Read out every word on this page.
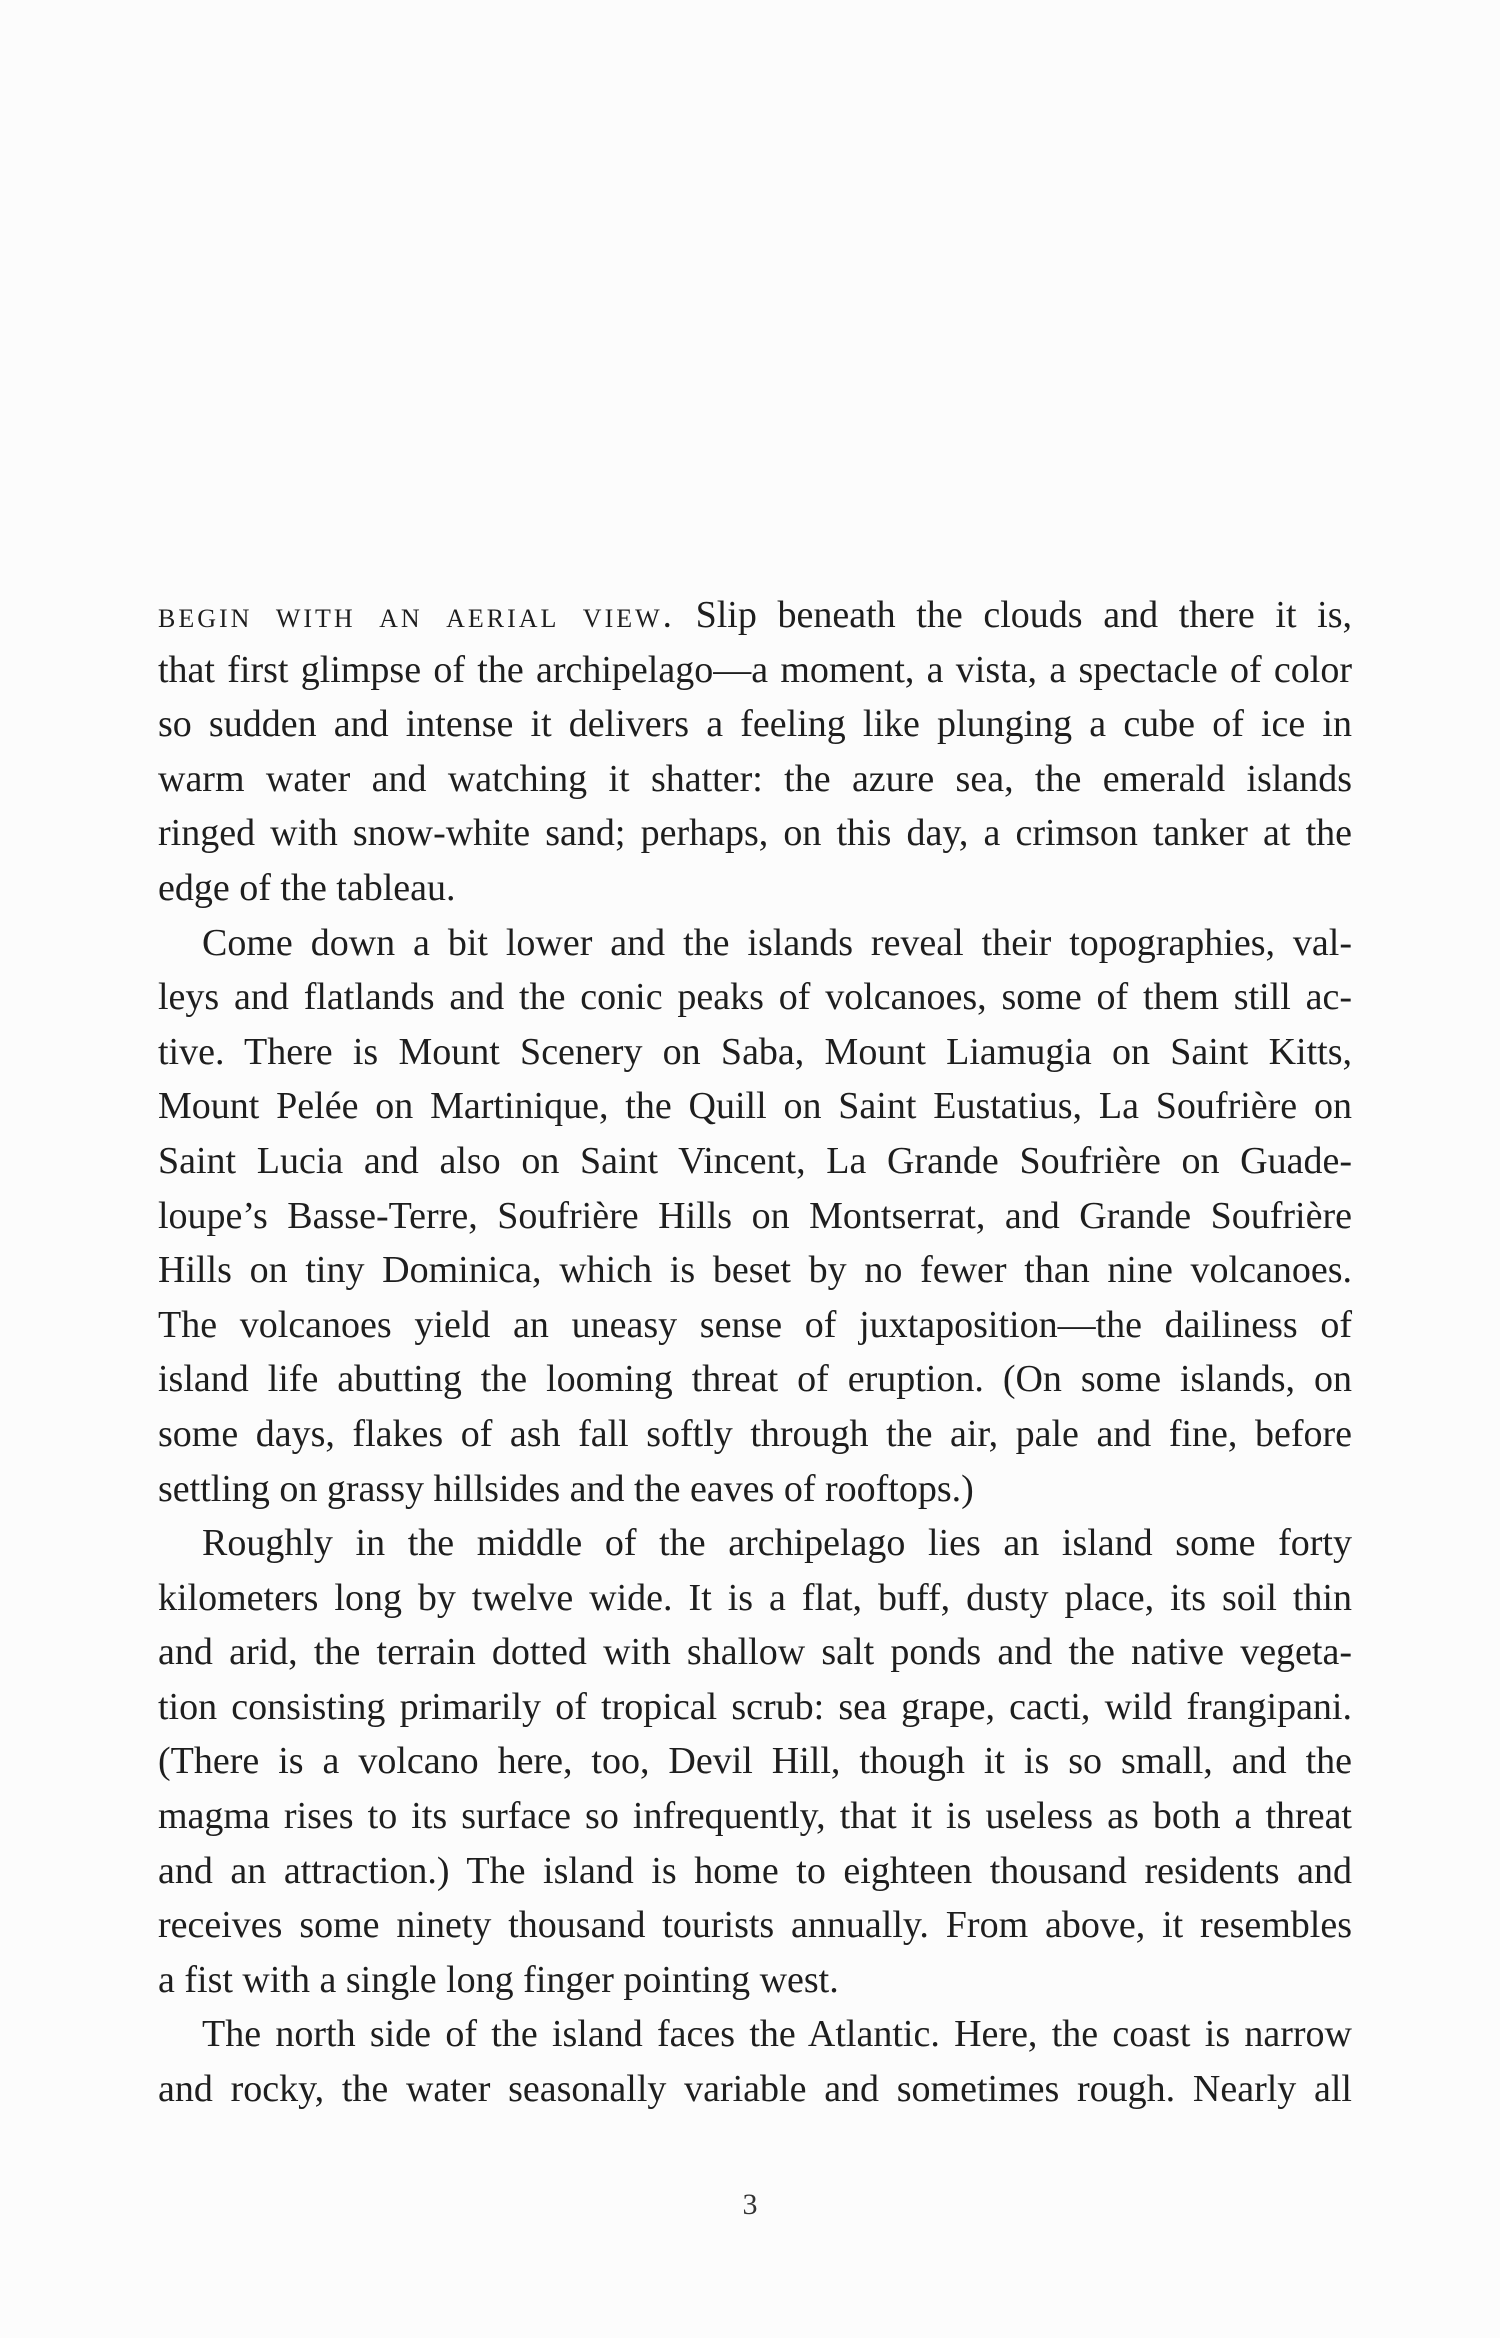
begin with an aerial view. Slip beneath the clouds and there it is,
that first glimpse of the archipelago—a moment, a vista, a spectacle of color
so sudden and intense it delivers a feeling like plunging a cube of ice in
warm water and watching it shatter: the azure sea, the emerald islands
ringed with snow-white sand; perhaps, on this day, a crimson tanker at the
edge of the tableau.
Come down a bit lower and the islands reveal their topographies, val-
leys and flatlands and the conic peaks of volcanoes, some of them still ac-
tive. There is Mount Scenery on Saba, Mount Liamugia on Saint Kitts,
Mount Pelée on Martinique, the Quill on Saint Eustatius, La Soufrière on
Saint Lucia and also on Saint Vincent, La Grande Soufrière on Guade-
loupe’s Basse-Terre, Soufrière Hills on Montserrat, and Grande Soufrière
Hills on tiny Dominica, which is beset by no fewer than nine volcanoes.
The volcanoes yield an uneasy sense of juxtaposition—the dailiness of
island life abutting the looming threat of eruption. (On some islands, on
some days, flakes of ash fall softly through the air, pale and fine, before
settling on grassy hillsides and the eaves of rooftops.)
Roughly in the middle of the archipelago lies an island some forty
kilometers long by twelve wide. It is a flat, buff, dusty place, its soil thin
and arid, the terrain dotted with shallow salt ponds and the native vegeta-
tion consisting primarily of tropical scrub: sea grape, cacti, wild frangipani.
(There is a volcano here, too, Devil Hill, though it is so small, and the
magma rises to its surface so infrequently, that it is useless as both a threat
and an attraction.) The island is home to eighteen thousand residents and
receives some ninety thousand tourists annually. From above, it resembles
a fist with a single long finger pointing west.
The north side of the island faces the Atlantic. Here, the coast is narrow
and rocky, the water seasonally variable and sometimes rough. Nearly all
3
